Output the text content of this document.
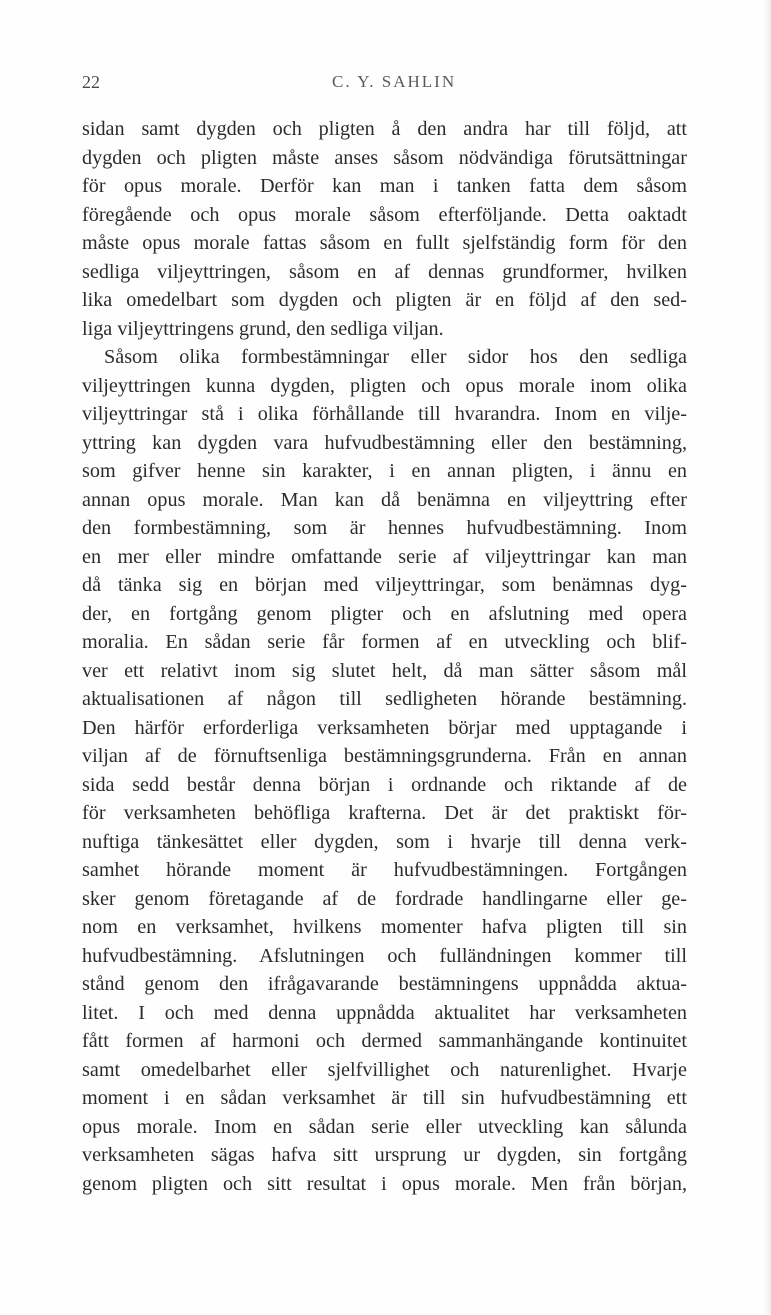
22	C. Y. SAHLIN
sidan samt dygden och pligten å den andra har till följd, att
dygden och pligten måste anses såsom nödvändiga förutsättningar
för opus morale. Derför kan man i tanken fatta dem såsom
föregående och opus morale såsom efterföljande. Detta oaktadt
måste opus morale fattas såsom en fullt sjelfständig form för den
sedliga viljeyttringen, såsom en af dennas grundformer, hvilken
lika omedelbart som dygden och pligten är en följd af den sed-
liga viljeyttringens grund, den sedliga viljan.
Såsom olika formbestämningar eller sidor hos den sedliga
viljeyttringen kunna dygden, pligten och opus morale inom olika
viljeyttringar stå i olika förhållande till hvarandra. Inom en vilje-
yttring kan dygden vara hufvudbestämning eller den bestämning,
som gifver henne sin karakter, i en annan pligten, i ännu en
annan opus morale. Man kan då benämna en viljeyttring efter
den formbestämning, som är hennes hufvudbestämning. Inom
en mer eller mindre omfattande serie af viljeyttringar kan man
då tänka sig en början med viljeyttringar, som benämnas dyg-
der, en fortgång genom pligter och en afslutning med opera
moralia. En sådan serie får formen af en utveckling och blif-
ver ett relativt inom sig slutet helt, då man sätter såsom mål
aktualisationen af någon till sedligheten hörande bestämning.
Den härför erforderliga verksamheten börjar med upptagande i
viljan af de förnuftsenliga bestämningsgrunderna. Från en annan
sida sedd består denna början i ordnande och riktande af de
för verksamheten behöfliga krafterna. Det är det praktiskt för-
nuftiga tänkesättet eller dygden, som i hvarje till denna verk-
samhet hörande moment är hufvudbestämningen. Fortgången
sker genom företagande af de fordrade handlingarne eller ge-
nom en verksamhet, hvilkens momenter hafva pligten till sin
hufvudbestämning. Afslutningen och fulländningen kommer till
stånd genom den ifrågavarande bestämningens uppnådda aktua-
litet. I och med denna uppnådda aktualitet har verksamheten
fått formen af harmoni och dermed sammanhängande kontinuitet
samt omedelbarhet eller sjelfvillighet och naturenlighet. Hvarje
moment i en sådan verksamhet är till sin hufvudbestämning ett
opus morale. Inom en sådan serie eller utveckling kan sålunda
verksamheten sägas hafva sitt ursprung ur dygden, sin fortgång
genom pligten och sitt resultat i opus morale. Men från början,
